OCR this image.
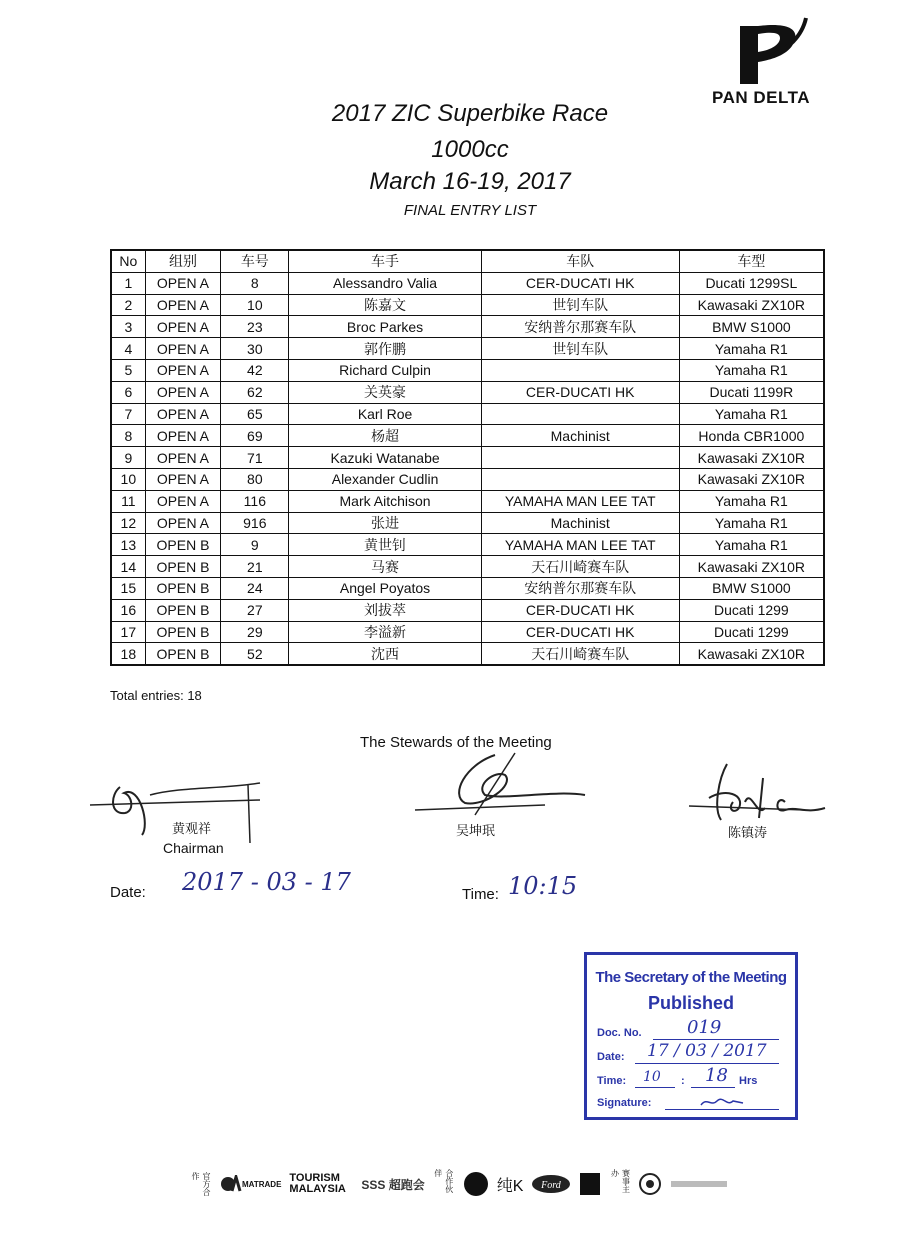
PAN DELTA
2017 ZIC Superbike Race
1000cc
March 16-19, 2017
FINAL ENTRY LIST
No	组别	车号	车手	车队	车型
1	OPEN A	8	Alessandro Valia	CER-DUCATI HK	Ducati 1299SL
2	OPEN A	10	陈嘉文	世钊车队	Kawasaki ZX10R
3	OPEN A	23	Broc Parkes	安纳普尔那赛车队	BMW S1000
4	OPEN A	30	郭作鹏	世钊车队	Yamaha R1
5	OPEN A	42	Richard Culpin		Yamaha R1
6	OPEN A	62	关英豪	CER-DUCATI HK	Ducati 1199R
7	OPEN A	65	Karl Roe		Yamaha R1
8	OPEN A	69	杨超	Machinist	Honda CBR1000
9	OPEN A	71	Kazuki Watanabe		Kawasaki ZX10R
10	OPEN A	80	Alexander Cudlin		Kawasaki ZX10R
11	OPEN A	116	Mark Aitchison	YAMAHA MAN LEE TAT	Yamaha R1
12	OPEN A	916	张进	Machinist	Yamaha R1
13	OPEN B	9	黄世钊	YAMAHA MAN LEE TAT	Yamaha R1
14	OPEN B	21	马赛	天石川崎赛车队	Kawasaki ZX10R
15	OPEN B	24	Angel Poyatos	安纳普尔那赛车队	BMW S1000
16	OPEN B	27	刘拔萃	CER-DUCATI HK	Ducati 1299
17	OPEN B	29	李溢新	CER-DUCATI HK	Ducati 1299
18	OPEN B	52	沈西	天石川崎赛车队	Kawasaki ZX10R
Total entries: 18
The Stewards of the Meeting
黄观祥
Chairman
吴坤珉	陈镇涛
Date: 2017 - 03 - 17	Time: 10:15
The Secretary of the Meeting
Published
Doc. No.	019
Date: 17 / 03 / 2017
Time: 10 : 18 Hrs
Signature:
官方合作
MATRADE TOURISM MALAYSIA	SSS 超跑会	合作伙伴
纯K Ford	赛事主办
